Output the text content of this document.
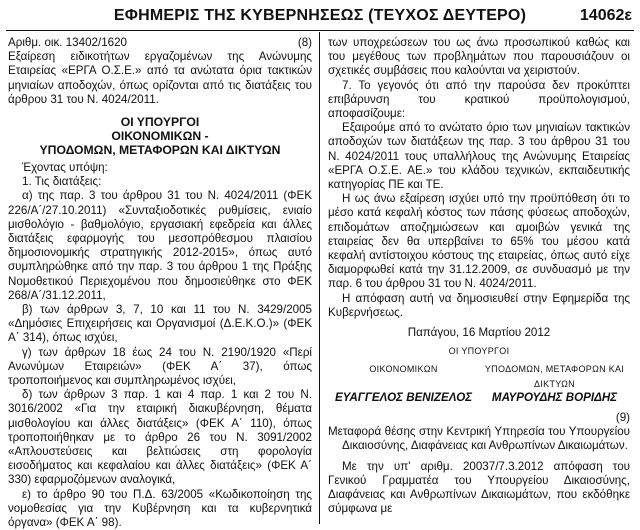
ΕΦΗΜΕΡΙΣ ΤΗΣ ΚΥΒΕΡΝΗΣΕΩΣ (ΤΕΥΧΟΣ ΔΕΥΤΕΡΟ)	14062ε
Αριθμ. οικ. 13402/1620	(8)

Εξαίρεση ειδικοτήτων εργαζομένων της Ανώνυμης Εταιρείας «ΕΡΓΑ Ο.Σ.Ε.» από τα ανώτατα όρια τακτικών μηνιαίων αποδοχών, όπως ορίζονται από τις διατάξεις του άρθρου 31 του Ν. 4024/2011.

ΟΙ ΥΠΟΥΡΓΟΙ
ΟΙΚΟΝΟΜΙΚΩΝ -
ΥΠΟΔΟΜΩΝ, ΜΕΤΑΦΟΡΩΝ ΚΑΙ ΔΙΚΤΥΩΝ

Έχοντας υπόψη:

1. Τις διατάξεις:

α) της παρ. 3 του άρθρου 31 του Ν. 4024/2011 (ΦΕΚ 226/Α΄/27.10.2011) «Συνταξιοδοτικές ρυθμίσεις, ενιαίο μισθολόγιο - βαθμολόγιο, εργασιακή εφεδρεία και άλλες διατάξεις εφαρμογής του μεσοπρόθεσμου πλαισίου δημοσιονομικής στρατηγικής 2012-2015», όπως αυτό συμπληρώθηκε από την παρ. 3 του άρθρου 1 της Πράξης Νομοθετικού Περιεχομένου που δημοσιεύθηκε στο ΦΕΚ 268/Α΄/31.12.2011,

β) των άρθρων 3, 7, 10 και 11 του Ν. 3429/2005 «Δημόσιες Επιχειρήσεις και Οργανισμοί (Δ.Ε.Κ.Ο.)» (ΦΕΚ Α΄ 314), όπως ισχύει,

γ) των άρθρων 18 έως 24 του Ν. 2190/1920 «Περί Ανωνύμων Εταιρειών» (ΦΕΚ Α΄ 37), όπως τροποποιήμενος και συμπληρωμένος ισχύει,

δ) των άρθρων 3 παρ. 1 και 4 παρ. 1 και 2 του Ν. 3016/2002 «Για την εταιρική διακυβέρνηση, θέματα μισθολογίου και άλλες διατάξεις» (ΦΕΚ Α΄ 110), όπως τροποποιήθηκαν με το άρθρο 26 του Ν. 3091/2002 «Απλουστεύσεις και βελτιώσεις στη φορολογία εισοδήματος και κεφαλαίου και άλλες διατάξεις» (ΦΕΚ Α΄ 330) εφαρμοζόμενων αναλογικά,

ε) το άρθρο 90 του Π.Δ. 63/2005 «Κωδικοποίηση της νομοθεσίας για την Κυβέρνηση και τα κυβερνητικά όργανα» (ΦΕΚ Α΄ 98).

των υποχρεώσεων του ως άνω προσωπικού καθώς και του μεγέθους των προβλημάτων που παρουσιάζουν οι σχετικές συμβάσεις που καλούνται να χειριστούν.

7. Το γεγονός ότι από την παρούσα δεν προκύπτει επιβάρυνση του κρατικού προϋπολογισμού, αποφασίζουμε:

Εξαιρούμε από το ανώτατο όριο των μηνιαίων τακτικών αποδοχών των διατάξεων της παρ. 3 του άρθρου 31 του Ν. 4024/2011 τους υπαλλήλους της Ανώνυμης Εταιρείας «ΕΡΓΑ Ο.Σ.Ε. ΑΕ.» του κλάδου τεχνικών, εκπαιδευτικής κατηγορίας ΠΕ και ΤΕ.

Η ως άνω εξαίρεση ισχύει υπό την προϋπόθεση ότι το μέσο κατά κεφαλή κόστος των πάσης φύσεως αποδοχών, επιδομάτων αποζημιώσεων και αμοιβών γενικά της εταιρείας δεν θα υπερβαίνει το 65% του μέσου κατά κεφαλή αντίστοιχου κόστους της εταιρείας, όπως αυτό είχε διαμορφωθεί κατά την 31.12.2009, σε συνδυασμό με την παρ. 6 του άρθρου 31 του Ν. 4024/2011.

Η απόφαση αυτή να δημοσιευθεί στην Εφημερίδα της Κυβερνήσεως.

Παπάγου, 16 Μαρτίου 2012

ΟΙ ΥΠΟΥΡΓΟΙ

ΟΙΚΟΝΟΜΙΚΩΝ	ΥΠΟΔΟΜΩΝ, ΜΕΤΑΦΟΡΩΝ ΚΑΙ ΔΙΚΤΥΩΝ
ΕΥΑΓΓΕΛΟΣ ΒΕΝΙΖΕΛΟΣ	ΜΑΥΡΟΥΔΗΣ ΒΟΡΙΔΗΣ

(9)

Μεταφορά θέσης στην Κεντρική Υπηρεσία του Υπουργείου Δικαιοσύνης, Διαφάνειας και Ανθρωπίνων Δικαιωμάτων.

Με την υπ' αριθμ. 20037/7.3.2012 απόφαση του Γενικού Γραμματέα του Υπουργείου Δικαιοσύνης, Διαφάνειας και Ανθρωπίνων Δικαιωμάτων, που εκδόθηκε σύμφωνα με
